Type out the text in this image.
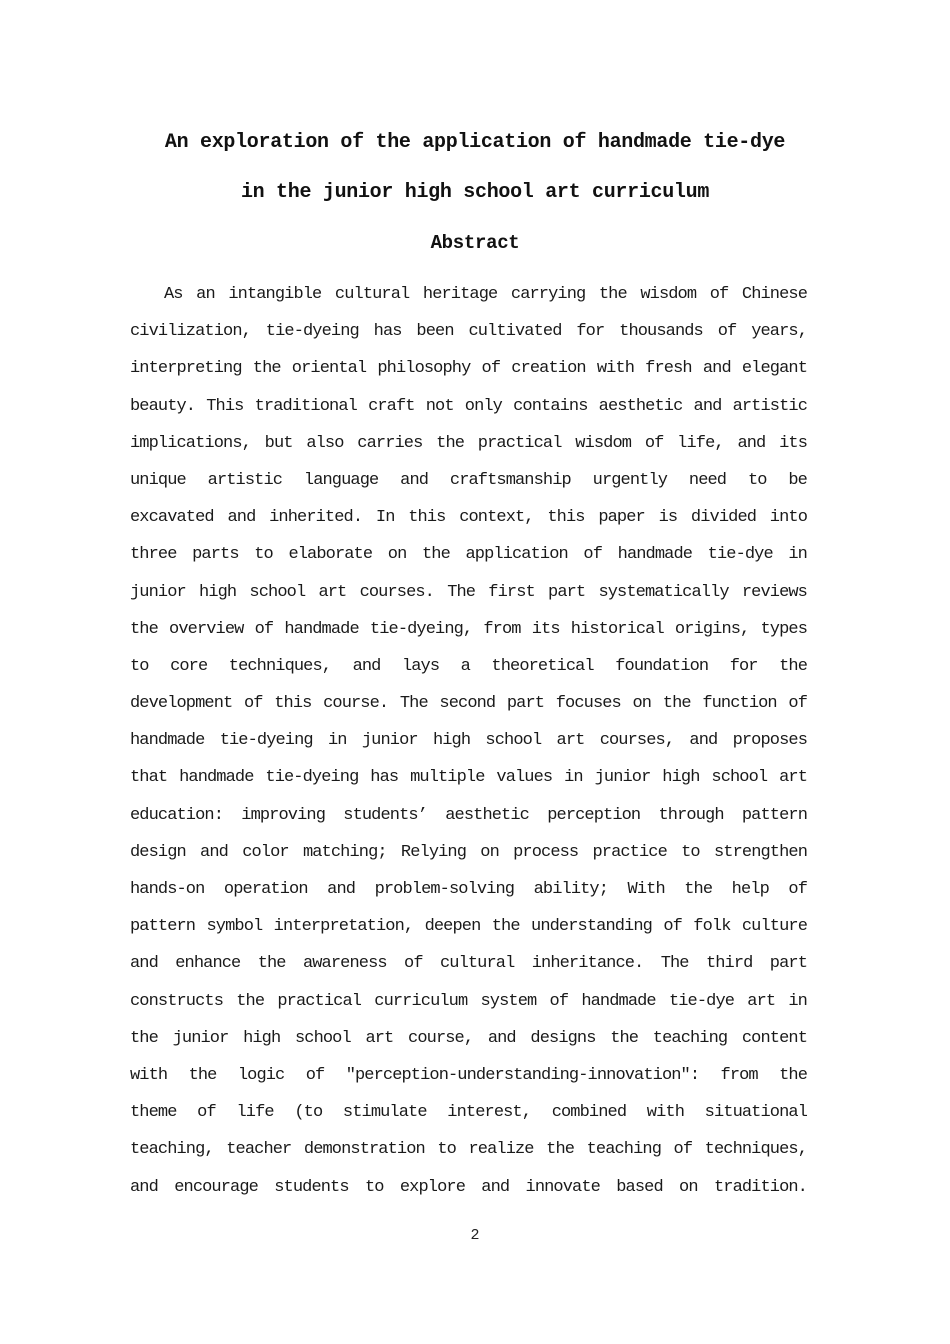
An exploration of the application of handmade tie-dye
in the junior high school art curriculum
Abstract
As an intangible cultural heritage carrying the wisdom of Chinese
civilization, tie-dyeing has been cultivated for thousands of years,
interpreting the oriental philosophy of creation with fresh and elegant
beauty. This traditional craft not only contains aesthetic and artistic
implications, but also carries the practical wisdom of life, and its
unique artistic language and craftsmanship urgently need to be
excavated and inherited. In this context, this paper is divided into
three parts to elaborate on the application of handmade tie-dye in
junior high school art courses. The first part systematically reviews
the overview of handmade tie-dyeing, from its historical origins, types
to core techniques, and lays a theoretical foundation for the
development of this course. The second part focuses on the function of
handmade tie-dyeing in junior high school art courses, and proposes
that handmade tie-dyeing has multiple values in junior high school art
education: improving students’ aesthetic perception through pattern
design and color matching; Relying on process practice to strengthen
hands-on operation and problem-solving ability; With the help of
pattern symbol interpretation, deepen the understanding of folk culture
and enhance the awareness of cultural inheritance. The third part
constructs the practical curriculum system of handmade tie-dye art in
the junior high school art course, and designs the teaching content
with the logic of "perception-understanding-innovation": from the
theme of life (to stimulate interest, combined with situational
teaching, teacher demonstration to realize the teaching of techniques,
and encourage students to explore and innovate based on tradition.
2
